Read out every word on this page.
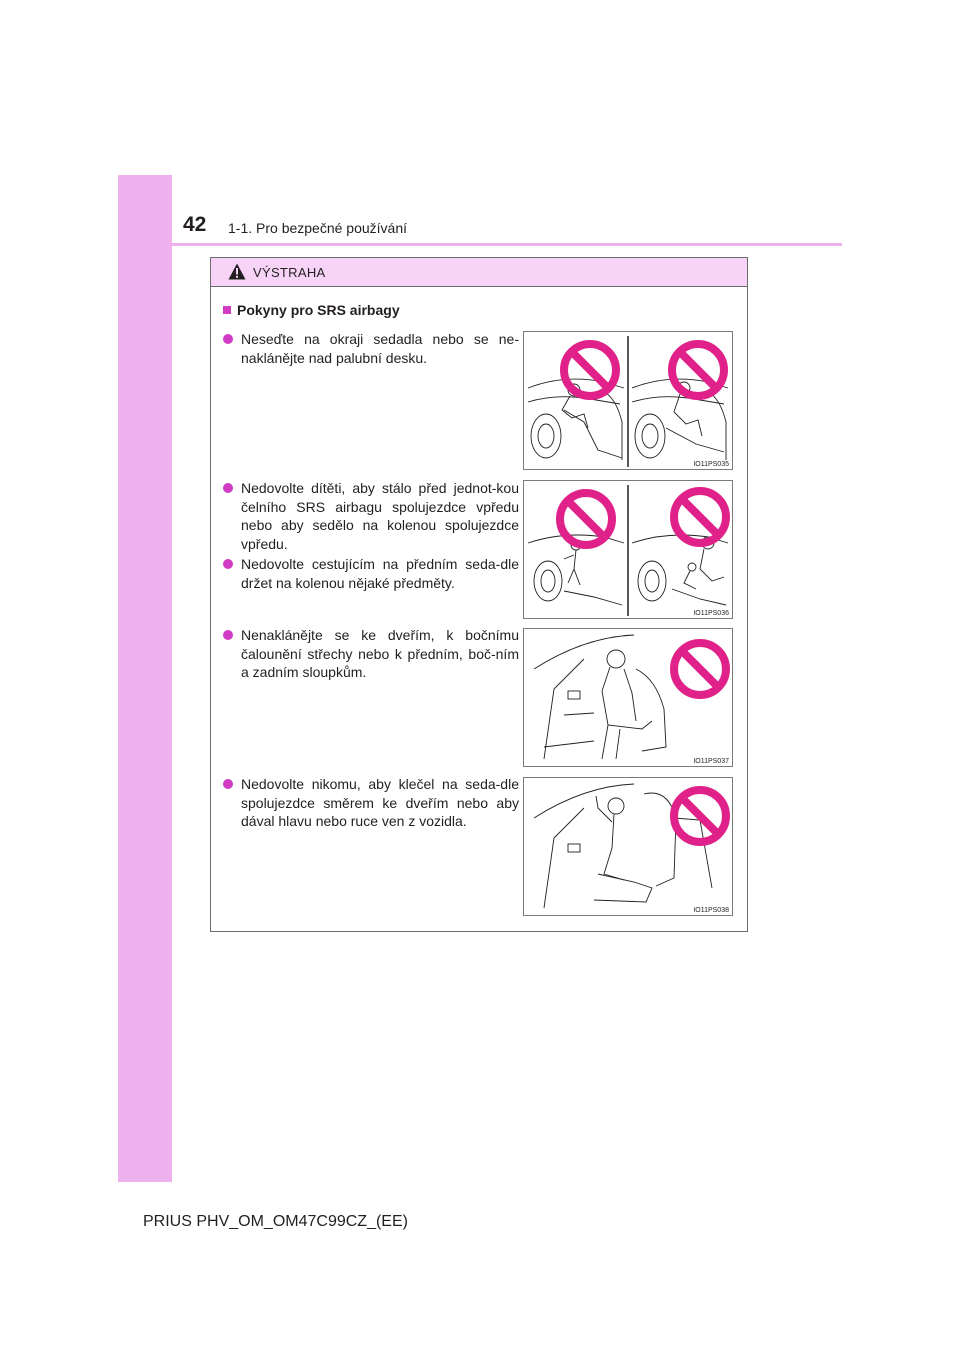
42 1-1. Pro bezpečné používání
VÝSTRAHA
Pokyny pro SRS airbagy
Neseďte na okraji sedadla nebo se ne-naklánějte nad palubní desku.
Nedovolte dítěti, aby stálo před jednot-kou čelního SRS airbagu spolujezdce vpředu nebo aby sedělo na kolenou spolujezdce vpředu.
Nedovolte cestujícím na předním seda-dle držet na kolenou nějaké předměty.
Nenaklánějte se ke dveřím, k bočnímu čalounění střechy nebo k předním, boč-ním a zadním sloupkům.
Nedovolte nikomu, aby klečel na seda-dle spolujezdce směrem ke dveřím nebo aby dával hlavu nebo ruce ven z vozidla.
IO11PS035
IO11PS036
IO11PS037
IO11PS038
PRIUS PHV_OM_OM47C99CZ_(EE)
